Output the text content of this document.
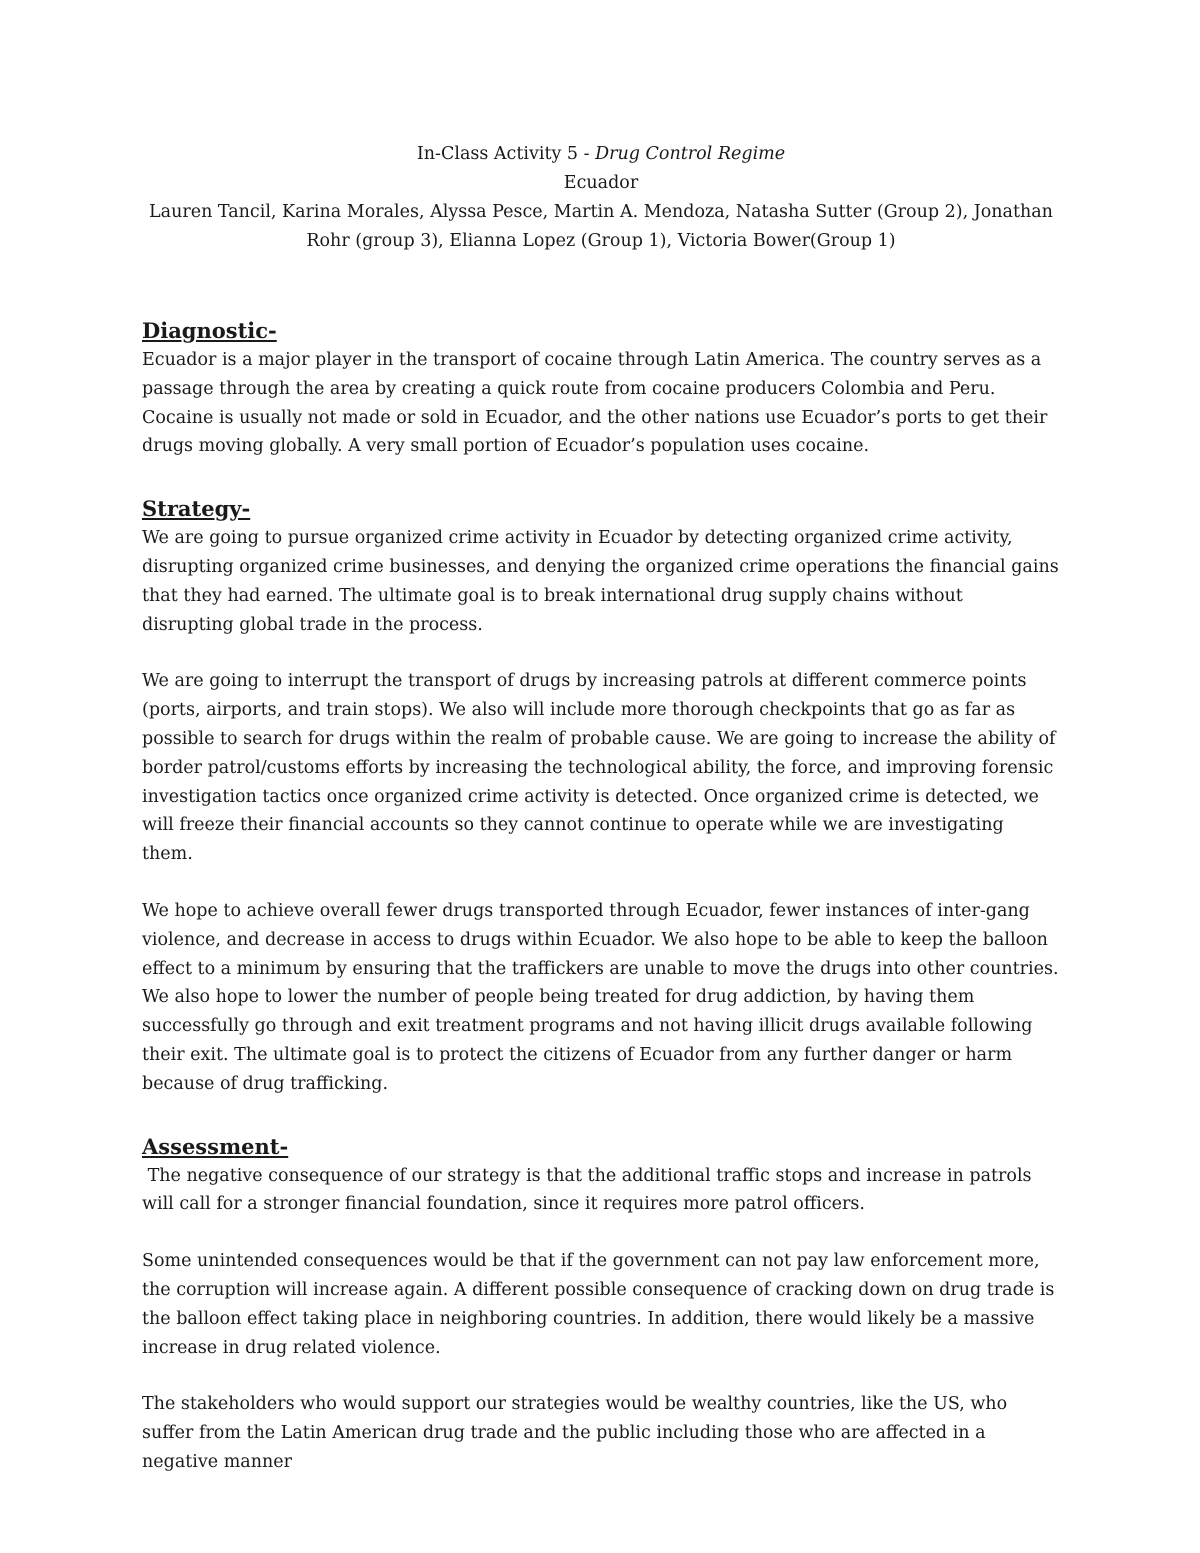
In-Class Activity 5 - Drug Control Regime
Ecuador
Lauren Tancil, Karina Morales, Alyssa Pesce, Martin A. Mendoza, Natasha Sutter (Group 2), Jonathan
Rohr (group 3), Elianna Lopez (Group 1), Victoria Bower(Group 1)
Diagnostic-

Ecuador is a major player in the transport of cocaine through Latin America. The country serves as a passage through the area by creating a quick route from cocaine producers Colombia and Peru. Cocaine is usually not made or sold in Ecuador, and the other nations use Ecuador’s ports to get their drugs moving globally. A very small portion of Ecuador’s population uses cocaine.

Strategy-

We are going to pursue organized crime activity in Ecuador by detecting organized crime activity, disrupting organized crime businesses, and denying the organized crime operations the financial gains that they had earned. The ultimate goal is to break international drug supply chains without disrupting global trade in the process.

We are going to interrupt the transport of drugs by increasing patrols at different commerce points (ports, airports, and train stops). We also will include more thorough checkpoints that go as far as possible to search for drugs within the realm of probable cause. We are going to increase the ability of border patrol/customs efforts by increasing the technological ability, the force, and improving forensic investigation tactics once organized crime activity is detected. Once organized crime is detected, we will freeze their financial accounts so they cannot continue to operate while we are investigating them.

We hope to achieve overall fewer drugs transported through Ecuador, fewer instances of inter-gang violence, and decrease in access to drugs within Ecuador. We also hope to be able to keep the balloon effect to a minimum by ensuring that the traffickers are unable to move the drugs into other countries. We also hope to lower the number of people being treated for drug addiction, by having them successfully go through and exit treatment programs and not having illicit drugs available following their exit. The ultimate goal is to protect the citizens of Ecuador from any further danger or harm because of drug trafficking.

Assessment-

The negative consequence of our strategy is that the additional traffic stops and increase in patrols will call for a stronger financial foundation, since it requires more patrol officers.

Some unintended consequences would be that if the government can not pay law enforcement more, the corruption will increase again. A different possible consequence of cracking down on drug trade is the balloon effect taking place in neighboring countries. In addition, there would likely be a massive increase in drug related violence.

The stakeholders who would support our strategies would be wealthy countries, like the US, who suffer from the Latin American drug trade and the public including those who are affected in a negative manner
